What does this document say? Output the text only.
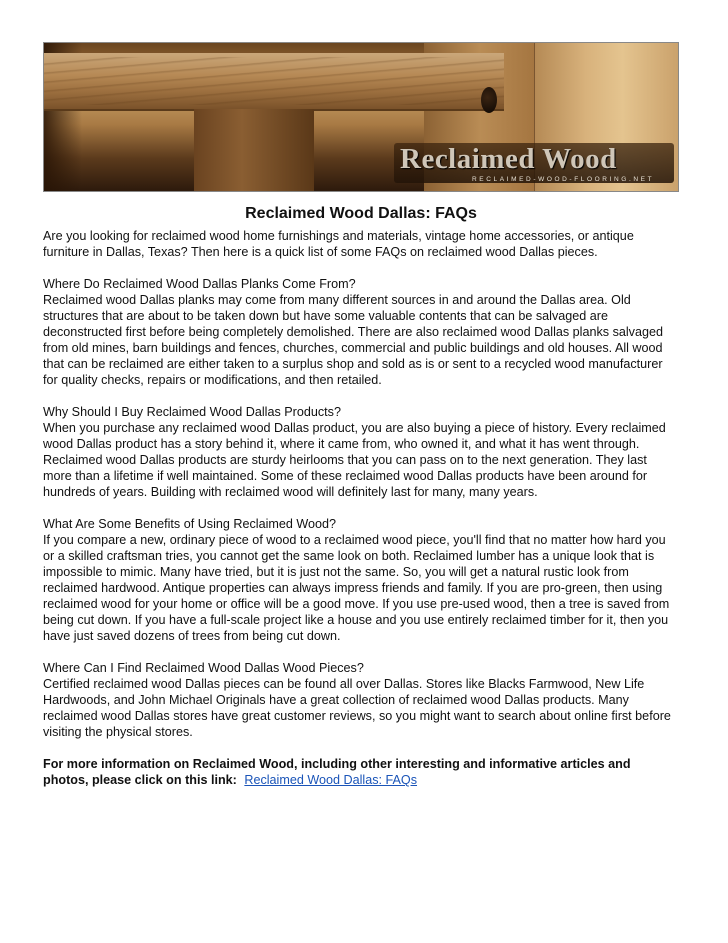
Reclaimed Wood
RECLAIMED-WOOD-FLOORING.NET
Reclaimed Wood Dallas: FAQs

Are you looking for reclaimed wood home furnishings and materials, vintage home accessories, or antique furniture in Dallas, Texas? Then here is a quick list of some FAQs on reclaimed wood Dallas pieces.

Where Do Reclaimed Wood Dallas Planks Come From?
Reclaimed wood Dallas planks may come from many different sources in and around the Dallas area. Old structures that are about to be taken down but have some valuable contents that can be salvaged are deconstructed first before being completely demolished. There are also reclaimed wood Dallas planks salvaged from old mines, barn buildings and fences, churches, commercial and public buildings and old houses. All wood that can be reclaimed are either taken to a surplus shop and sold as is or sent to a recycled wood manufacturer for quality checks, repairs or modifications, and then retailed.

Why Should I Buy Reclaimed Wood Dallas Products?
When you purchase any reclaimed wood Dallas product, you are also buying a piece of history. Every reclaimed wood Dallas product has a story behind it, where it came from, who owned it, and what it has went through. Reclaimed wood Dallas products are sturdy heirlooms that you can pass on to the next generation. They last more than a lifetime if well maintained. Some of these reclaimed wood Dallas products have been around for hundreds of years. Building with reclaimed wood will definitely last for many, many years.

What Are Some Benefits of Using Reclaimed Wood?
If you compare a new, ordinary piece of wood to a reclaimed wood piece, you'll find that no matter how hard you or a skilled craftsman tries, you cannot get the same look on both. Reclaimed lumber has a unique look that is impossible to mimic. Many have tried, but it is just not the same. So, you will get a natural rustic look from reclaimed hardwood. Antique properties can always impress friends and family. If you are pro-green, then using reclaimed wood for your home or office will be a good move. If you use pre-used wood, then a tree is saved from being cut down. If you have a full-scale project like a house and you use entirely reclaimed timber for it, then you have just saved dozens of trees from being cut down.

Where Can I Find Reclaimed Wood Dallas Wood Pieces?
Certified reclaimed wood Dallas pieces can be found all over Dallas. Stores like Blacks Farmwood, New Life Hardwoods, and John Michael Originals have a great collection of reclaimed wood Dallas products. Many reclaimed wood Dallas stores have great customer reviews, so you might want to search about online first before visiting the physical stores.

For more information on Reclaimed Wood, including other interesting and informative articles and photos, please click on this link: Reclaimed Wood Dallas: FAQs
